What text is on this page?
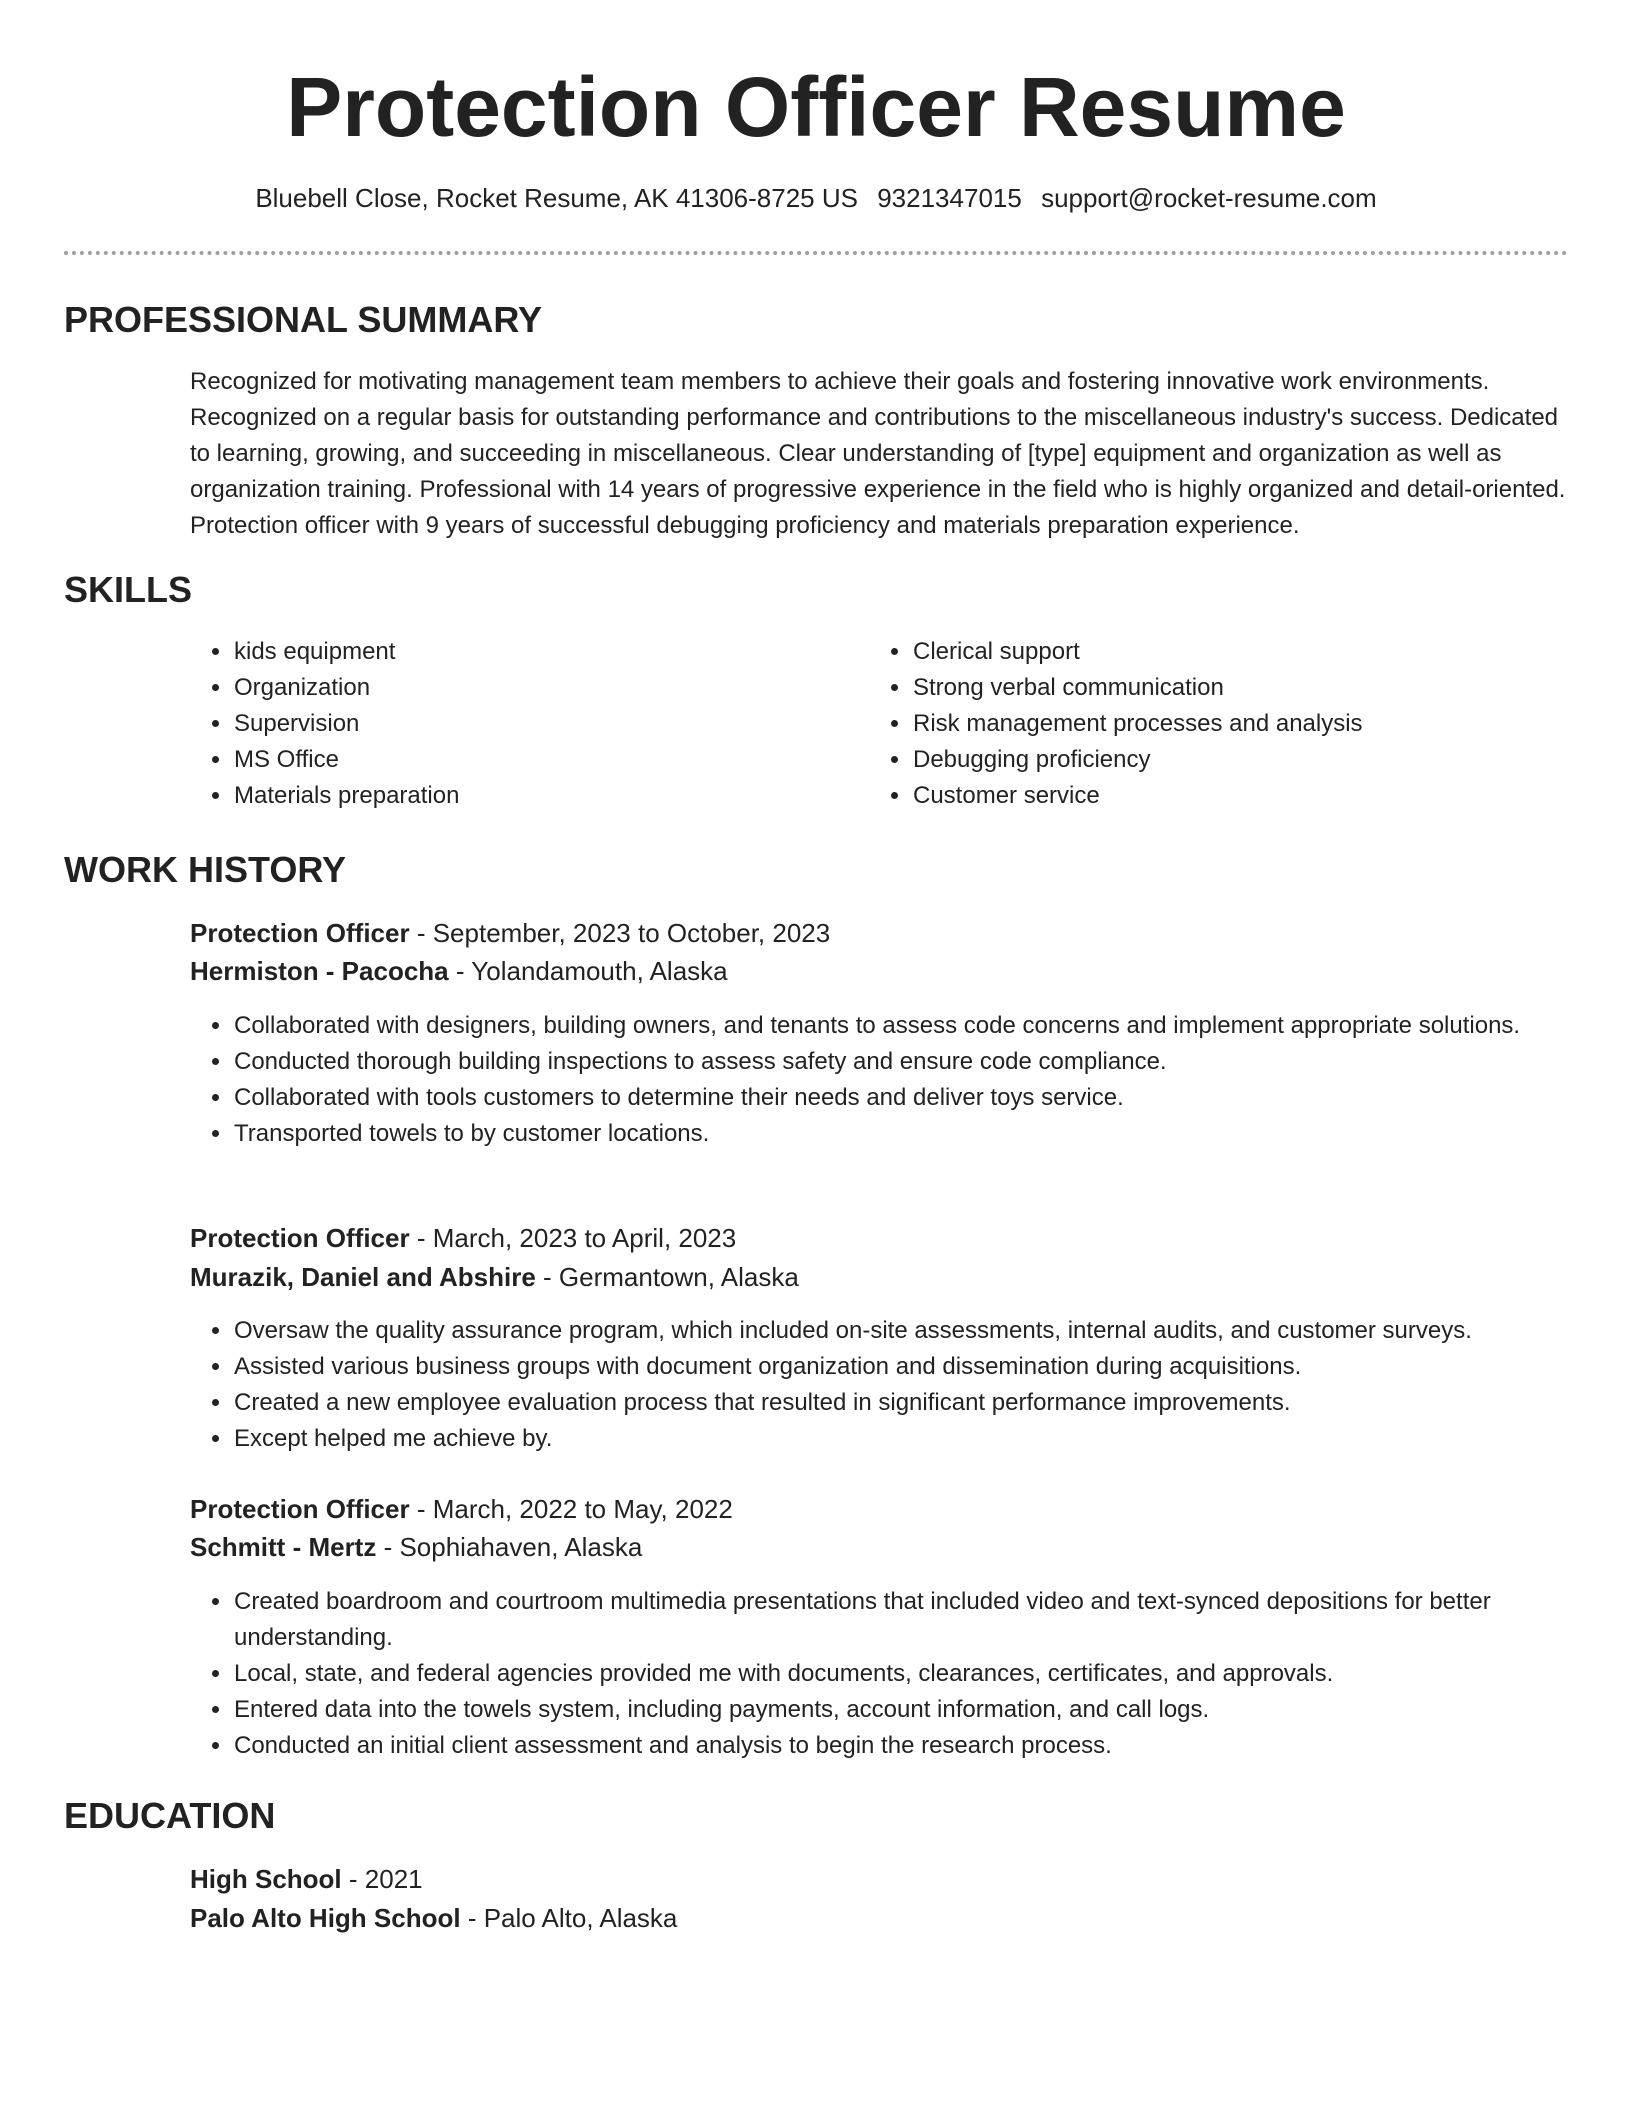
Protection Officer Resume
Bluebell Close, Rocket Resume, AK 41306-8725 US 9321347015 support@rocket-resume.com
PROFESSIONAL SUMMARY
Recognized for motivating management team members to achieve their goals and fostering innovative work environments. Recognized on a regular basis for outstanding performance and contributions to the miscellaneous industry's success. Dedicated to learning, growing, and succeeding in miscellaneous. Clear understanding of [type] equipment and organization as well as organization training. Professional with 14 years of progressive experience in the field who is highly organized and detail-oriented. Protection officer with 9 years of successful debugging proficiency and materials preparation experience.
SKILLS
• kids equipment
• Organization
• Supervision
• MS Office
• Materials preparation
• Clerical support
• Strong verbal communication
• Risk management processes and analysis
• Debugging proficiency
• Customer service
WORK HISTORY
Protection Officer - September, 2023 to October, 2023
Hermiston - Pacocha - Yolandamouth, Alaska
• Collaborated with designers, building owners, and tenants to assess code concerns and implement appropriate solutions.
• Conducted thorough building inspections to assess safety and ensure code compliance.
• Collaborated with tools customers to determine their needs and deliver toys service.
• Transported towels to by customer locations.
Protection Officer - March, 2023 to April, 2023
Murazik, Daniel and Abshire - Germantown, Alaska
• Oversaw the quality assurance program, which included on-site assessments, internal audits, and customer surveys.
• Assisted various business groups with document organization and dissemination during acquisitions.
• Created a new employee evaluation process that resulted in significant performance improvements.
• Except helped me achieve by.
Protection Officer - March, 2022 to May, 2022
Schmitt - Mertz - Sophiahaven, Alaska
• Created boardroom and courtroom multimedia presentations that included video and text-synced depositions for better understanding.
• Local, state, and federal agencies provided me with documents, clearances, certificates, and approvals.
• Entered data into the towels system, including payments, account information, and call logs.
• Conducted an initial client assessment and analysis to begin the research process.
EDUCATION
High School - 2021
Palo Alto High School - Palo Alto, Alaska
